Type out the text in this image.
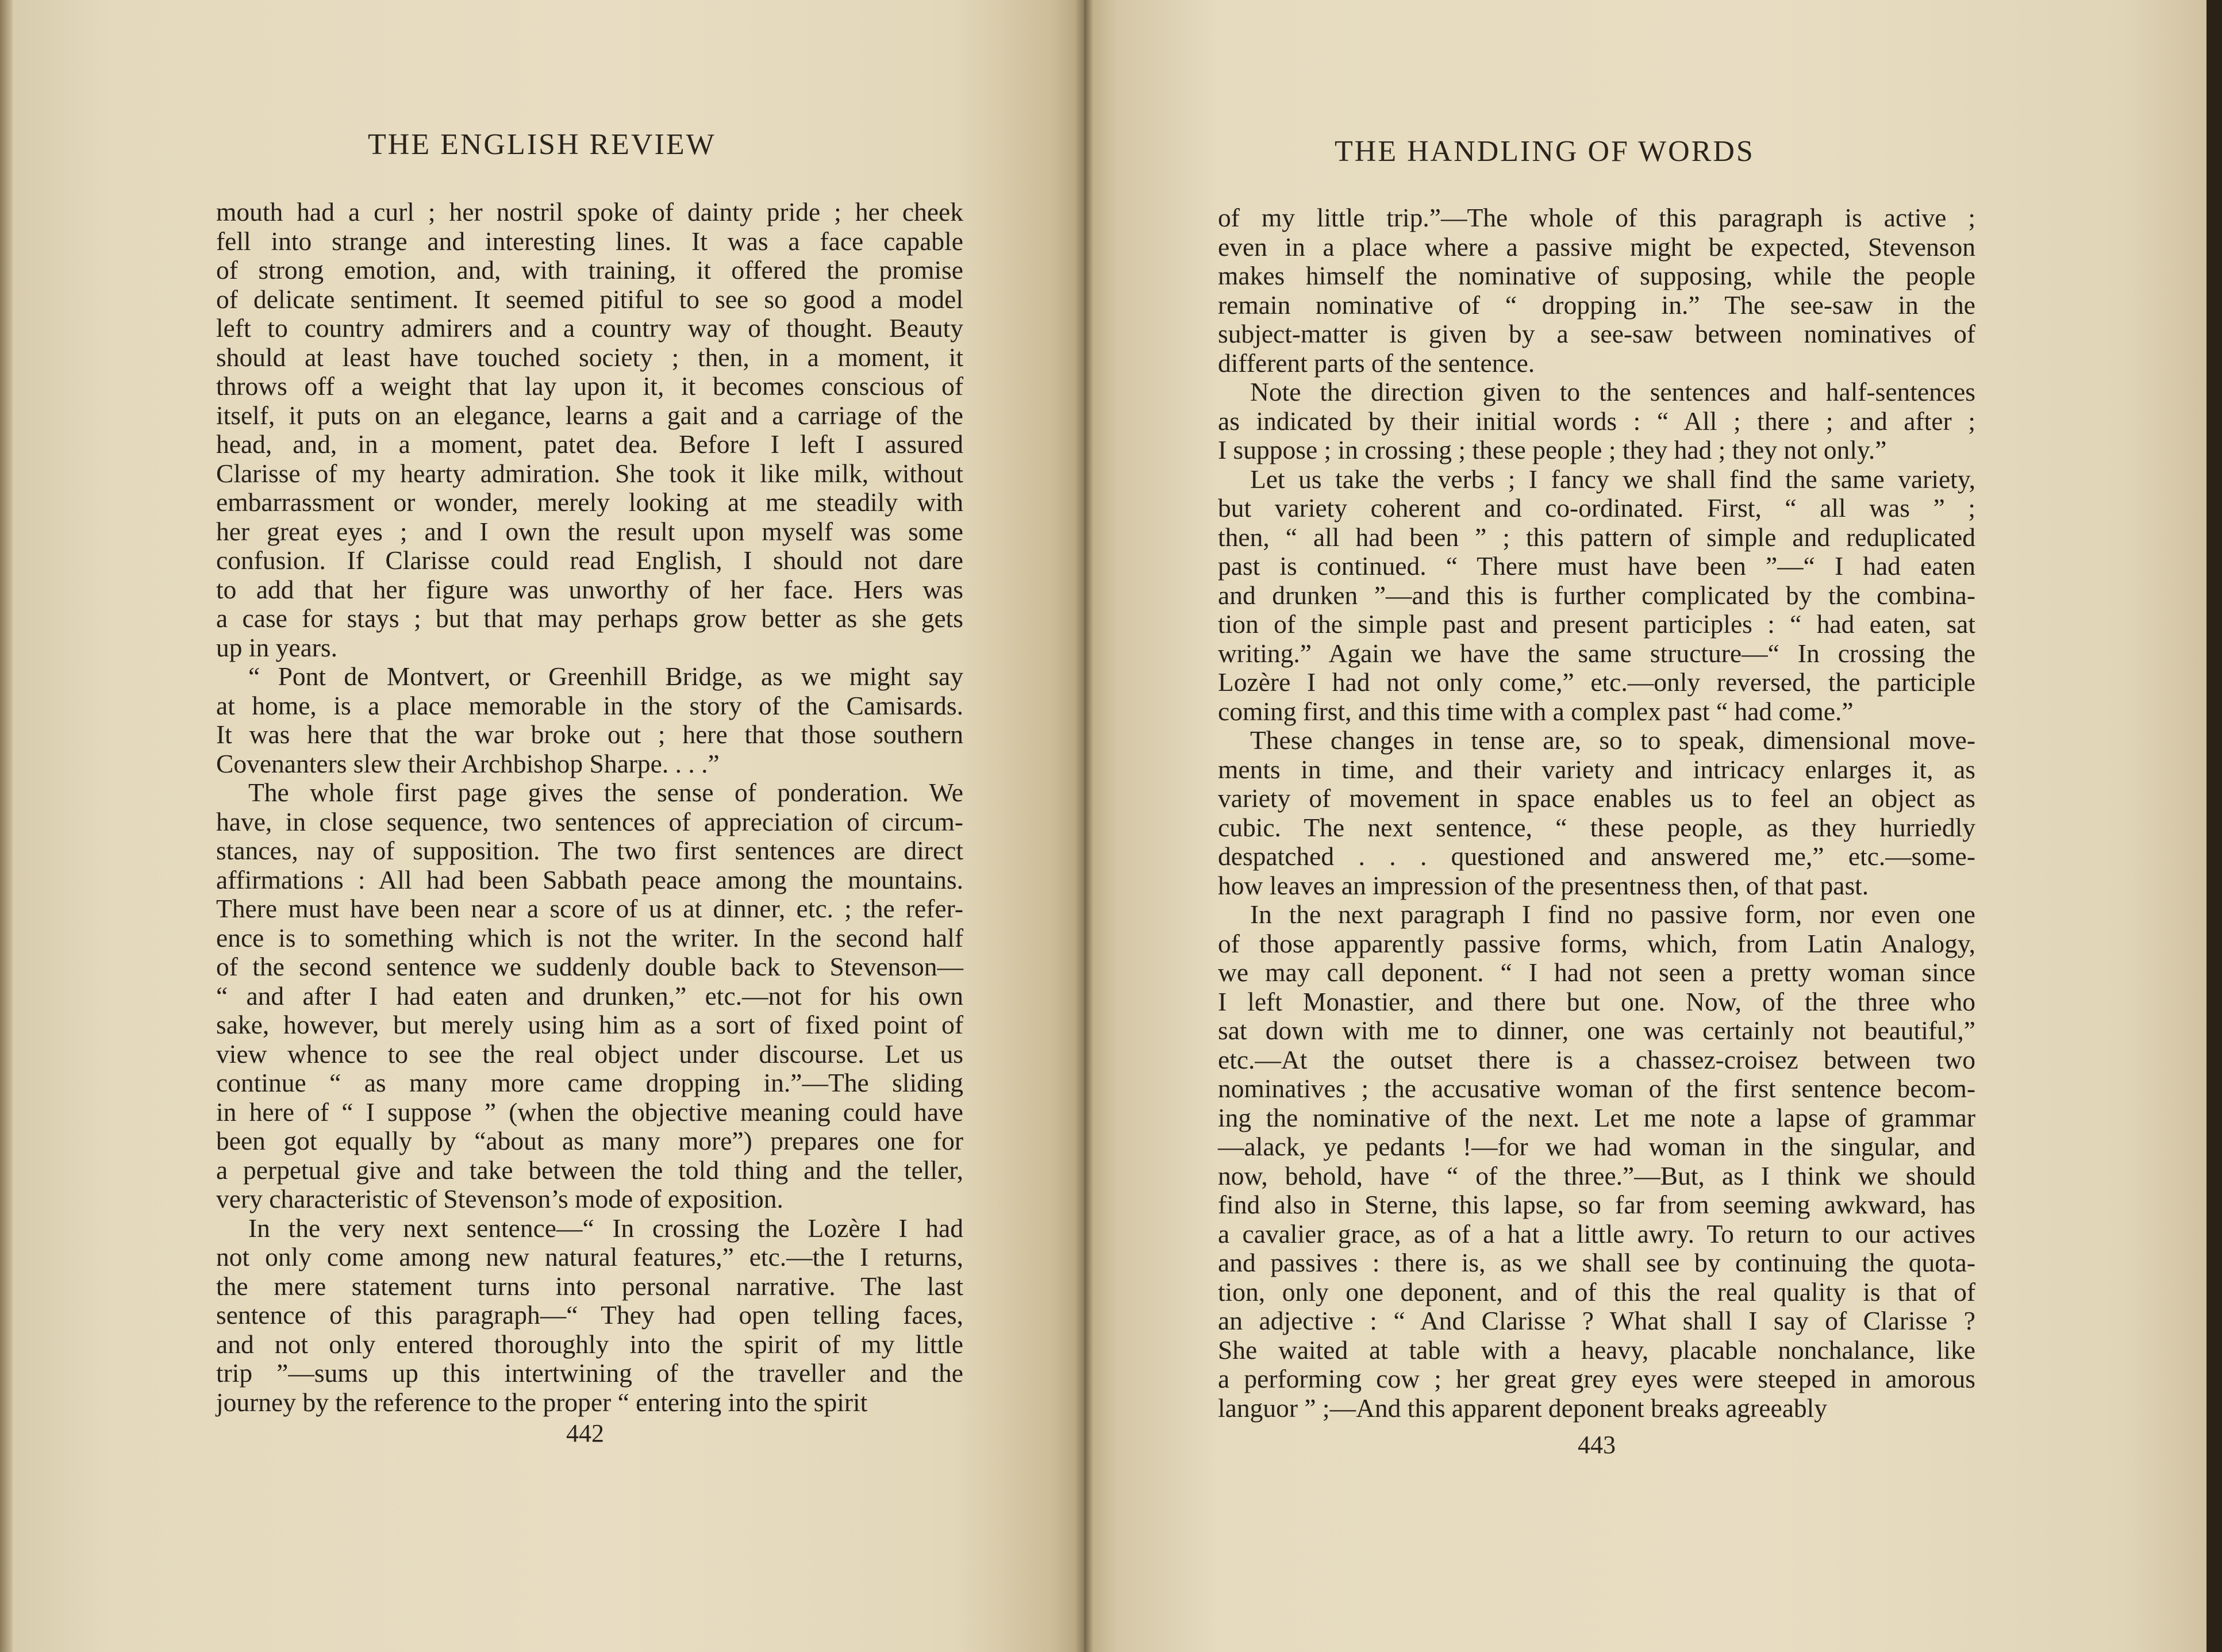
THE ENGLISH REVIEW

mouth had a curl ; her nostril spoke of dainty pride ; her cheek
fell into strange and interesting lines. It was a face capable
of strong emotion, and, with training, it offered the promise
of delicate sentiment. It seemed pitiful to see so good a model
left to country admirers and a country way of thought. Beauty
should at least have touched society ; then, in a moment, it
throws off a weight that lay upon it, it becomes conscious of
itself, it puts on an elegance, learns a gait and a carriage of the
head, and, in a moment, patet dea. Before I left I assured
Clarisse of my hearty admiration. She took it like milk, without
embarrassment or wonder, merely looking at me steadily with
her great eyes ; and I own the result upon myself was some
confusion. If Clarisse could read English, I should not dare
to add that her figure was unworthy of her face. Hers was
a case for stays ; but that may perhaps grow better as she gets
up in years.

“ Pont de Montvert, or Greenhill Bridge, as we might say
at home, is a place memorable in the story of the Camisards.
It was here that the war broke out ; here that those southern
Covenanters slew their Archbishop Sharpe. . . .”

The whole first page gives the sense of ponderation. We
have, in close sequence, two sentences of appreciation of circum-
stances, nay of supposition. The two first sentences are direct
affirmations : All had been Sabbath peace among the mountains.
There must have been near a score of us at dinner, etc. ; the refer-
ence is to something which is not the writer. In the second half
of the second sentence we suddenly double back to Stevenson—
“ and after I had eaten and drunken,” etc.—not for his own
sake, however, but merely using him as a sort of fixed point of
view whence to see the real object under discourse. Let us
continue “ as many more came dropping in.”—The sliding
in here of “ I suppose ” (when the objective meaning could have
been got equally by “about as many more”) prepares one for
a perpetual give and take between the told thing and the teller,
very characteristic of Stevenson’s mode of exposition.

In the very next sentence—“ In crossing the Lozère I had
not only come among new natural features,” etc.—the I returns,
the mere statement turns into personal narrative. The last
sentence of this paragraph—“ They had open telling faces,
and not only entered thoroughly into the spirit of my little
trip ”—sums up this intertwining of the traveller and the
journey by the reference to the proper “ entering into the spirit

442
THE HANDLING OF WORDS

of my little trip.”—The whole of this paragraph is active ;
even in a place where a passive might be expected, Stevenson
makes himself the nominative of supposing, while the people
remain nominative of “ dropping in.” The see-saw in the
subject-matter is given by a see-saw between nominatives of
different parts of the sentence.

Note the direction given to the sentences and half-sentences
as indicated by their initial words : “ All ; there ; and after ;
I suppose ; in crossing ; these people ; they had ; they not only.”

Let us take the verbs ; I fancy we shall find the same variety,
but variety coherent and co-ordinated. First, “ all was ” ;
then, “ all had been ” ; this pattern of simple and reduplicated
past is continued. “ There must have been ”—“ I had eaten
and drunken ”—and this is further complicated by the combina-
tion of the simple past and present participles : “ had eaten, sat
writing.” Again we have the same structure—“ In crossing the
Lozère I had not only come,” etc.—only reversed, the participle
coming first, and this time with a complex past “ had come.”

These changes in tense are, so to speak, dimensional move-
ments in time, and their variety and intricacy enlarges it, as
variety of movement in space enables us to feel an object as
cubic. The next sentence, “ these people, as they hurriedly
despatched . . . questioned and answered me,” etc.—some-
how leaves an impression of the presentness then, of that past.

In the next paragraph I find no passive form, nor even one
of those apparently passive forms, which, from Latin Analogy,
we may call deponent. “ I had not seen a pretty woman since
I left Monastier, and there but one. Now, of the three who
sat down with me to dinner, one was certainly not beautiful,”
etc.—At the outset there is a chassez-croisez between two
nominatives ; the accusative woman of the first sentence becom-
ing the nominative of the next. Let me note a lapse of grammar
—alack, ye pedants !—for we had woman in the singular, and
now, behold, have “ of the three.”—But, as I think we should
find also in Sterne, this lapse, so far from seeming awkward, has
a cavalier grace, as of a hat a little awry. To return to our actives
and passives : there is, as we shall see by continuing the quota-
tion, only one deponent, and of this the real quality is that of
an adjective : “ And Clarisse ? What shall I say of Clarisse ?
She waited at table with a heavy, placable nonchalance, like
a performing cow ; her great grey eyes were steeped in amorous
languor ” ;—And this apparent deponent breaks agreeably

443
